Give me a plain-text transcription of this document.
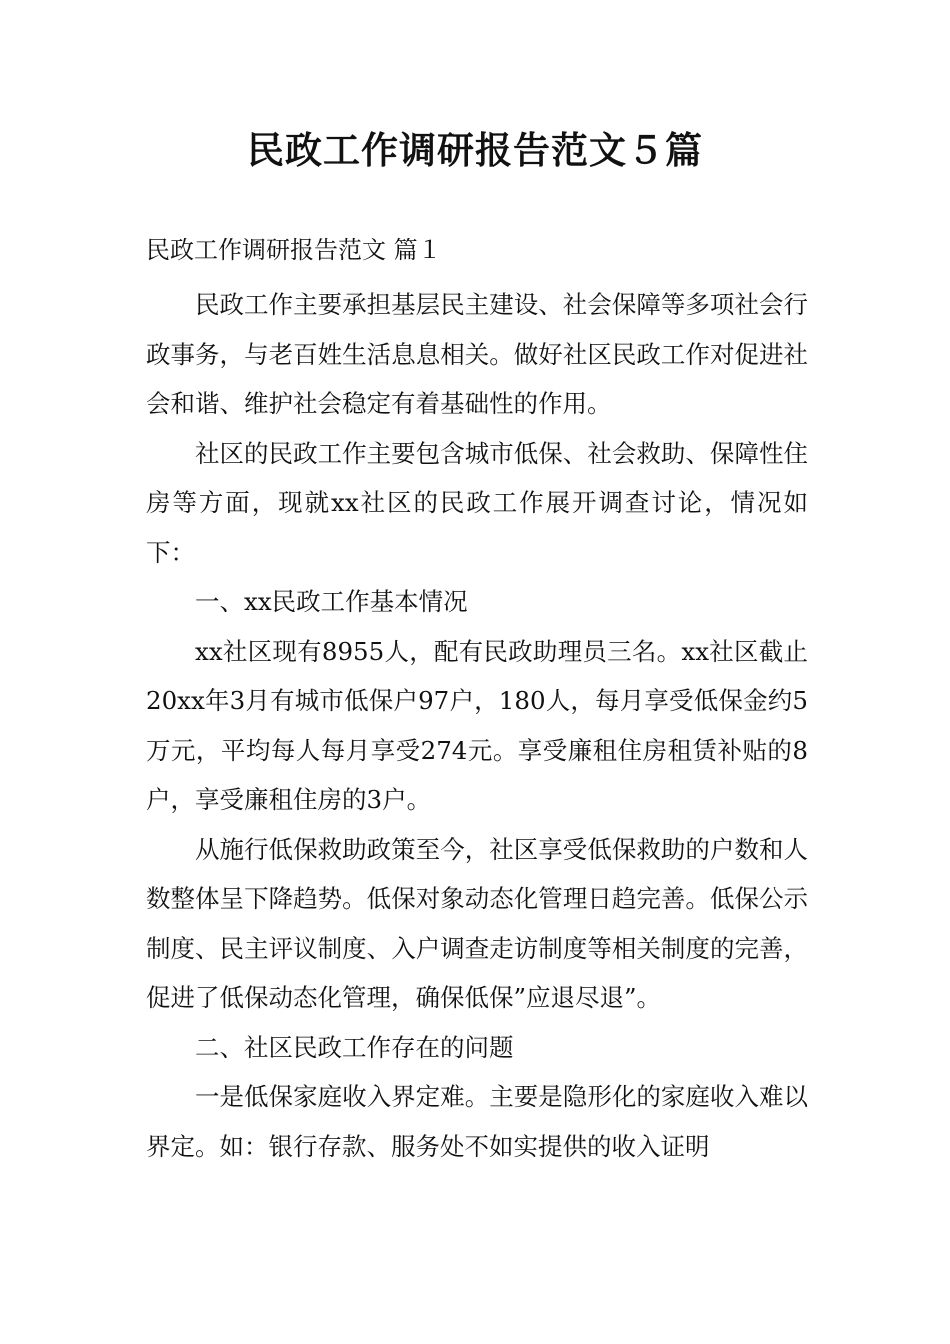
民政工作调研报告范文５篇
民政工作调研报告范文 篇１

民政工作主要承担基层民主建设、社会保障等多项社会行政事务，与老百姓生活息息相关。做好社区民政工作对促进社会和谐、维护社会稳定有着基础性的作用。

社区的民政工作主要包含城市低保、社会救助、保障性住房等方面，现就xx社区的民政工作展开调查讨论，情况如下：

一、xx民政工作基本情况

xx社区现有8955人，配有民政助理员三名。xx社区截止20xx年3月有城市低保户97户，180人，每月享受低保金约5万元，平均每人每月享受274元。享受廉租住房租赁补贴的8户，享受廉租住房的3户。

从施行低保救助政策至今，社区享受低保救助的户数和人数整体呈下降趋势。低保对象动态化管理日趋完善。低保公示制度、民主评议制度、入户调查走访制度等相关制度的完善，促进了低保动态化管理，确保低保”应退尽退”。

二、社区民政工作存在的问题

一是低保家庭收入界定难。主要是隐形化的家庭收入难以界定。如：银行存款、服务处不如实提供的收入证明
